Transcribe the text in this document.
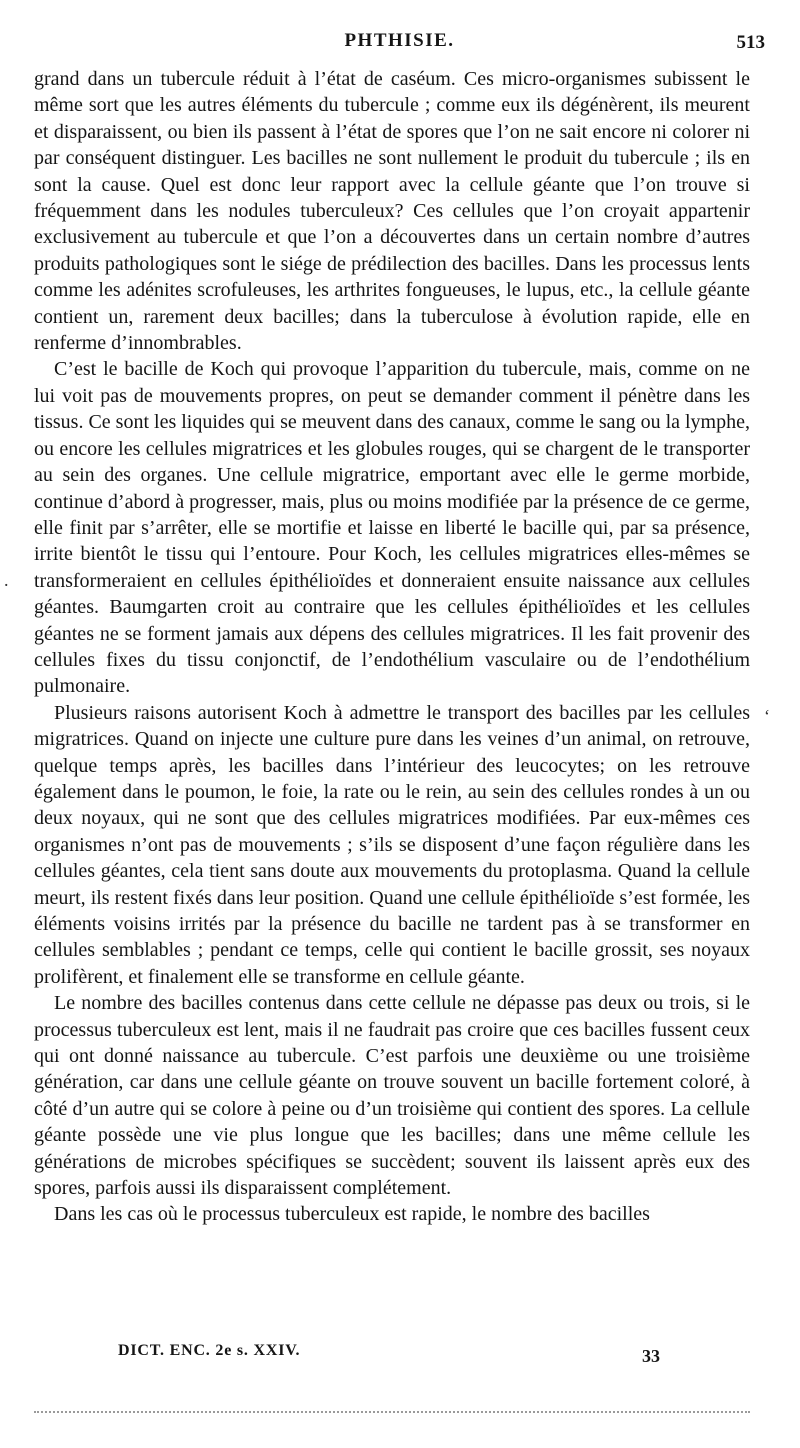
PHTHISIE.	513

grand dans un tubercule réduit à l’état de caséum. Ces micro-organismes subissent le même sort que les autres éléments du tubercule ; comme eux ils dégénèrent, ils meurent et disparaissent, ou bien ils passent à l’état de spores que l’on ne sait encore ni colorer ni par conséquent distinguer. Les bacilles ne sont nullement le produit du tubercule ; ils en sont la cause. Quel est donc leur rapport avec la cellule géante que l’on trouve si fréquemment dans les nodules tuberculeux? Ces cellules que l’on croyait appartenir exclusivement au tubercule et que l’on a découvertes dans un certain nombre d’autres produits pathologiques sont le siége de prédilection des bacilles. Dans les processus lents comme les adénites scrofuleuses, les arthrites fongueuses, le lupus, etc., la cellule géante contient un, rarement deux bacilles; dans la tuberculose à évolution rapide, elle en renferme d’innombrables.

C’est le bacille de Koch qui provoque l’apparition du tubercule, mais, comme on ne lui voit pas de mouvements propres, on peut se demander comment il pénètre dans les tissus. Ce sont les liquides qui se meuvent dans des canaux, comme le sang ou la lymphe, ou encore les cellules migratrices et les globules rouges, qui se chargent de le transporter au sein des organes. Une cellule migratrice, emportant avec elle le germe morbide, continue d’abord à progresser, mais, plus ou moins modifiée par la présence de ce germe, elle finit par s’arrêter, elle se mortifie et laisse en liberté le bacille qui, par sa présence, irrite bientôt le tissu qui l’entoure. Pour Koch, les cellules migratrices elles-mêmes se transformeraient en cellules épithélioïdes et donneraient ensuite naissance aux cellules géantes. Baumgarten croit au contraire que les cellules épithélioïdes et les cellules géantes ne se forment jamais aux dépens des cellules migratrices. Il les fait provenir des cellules fixes du tissu conjonctif, de l’endothélium vasculaire ou de l’endothélium pulmonaire.

Plusieurs raisons autorisent Koch à admettre le transport des bacilles par les cellules migratrices. Quand on injecte une culture pure dans les veines d’un animal, on retrouve, quelque temps après, les bacilles dans l’intérieur des leucocytes; on les retrouve également dans le poumon, le foie, la rate ou le rein, au sein des cellules rondes à un ou deux noyaux, qui ne sont que des cellules migratrices modifiées. Par eux-mêmes ces organismes n’ont pas de mouvements ; s’ils se disposent d’une façon régulière dans les cellules géantes, cela tient sans doute aux mouvements du protoplasma. Quand la cellule meurt, ils restent fixés dans leur position. Quand une cellule épithélioïde s’est formée, les éléments voisins irrités par la présence du bacille ne tardent pas à se transformer en cellules semblables ; pendant ce temps, celle qui contient le bacille grossit, ses noyaux prolifèrent, et finalement elle se transforme en cellule géante.

Le nombre des bacilles contenus dans cette cellule ne dépasse pas deux ou trois, si le processus tuberculeux est lent, mais il ne faudrait pas croire que ces bacilles fussent ceux qui ont donné naissance au tubercule. C’est parfois une deuxième ou une troisième génération, car dans une cellule géante on trouve souvent un bacille fortement coloré, à côté d’un autre qui se colore à peine ou d’un troisième qui contient des spores. La cellule géante possède une vie plus longue que les bacilles; dans une même cellule les générations de microbes spécifiques se succèdent; souvent ils laissent après eux des spores, parfois aussi ils disparaissent complétement.

Dans les cas où le processus tuberculeux est rapide, le nombre des bacilles

DICT. ENC. 2e s. XXIV.	33
.
‘
